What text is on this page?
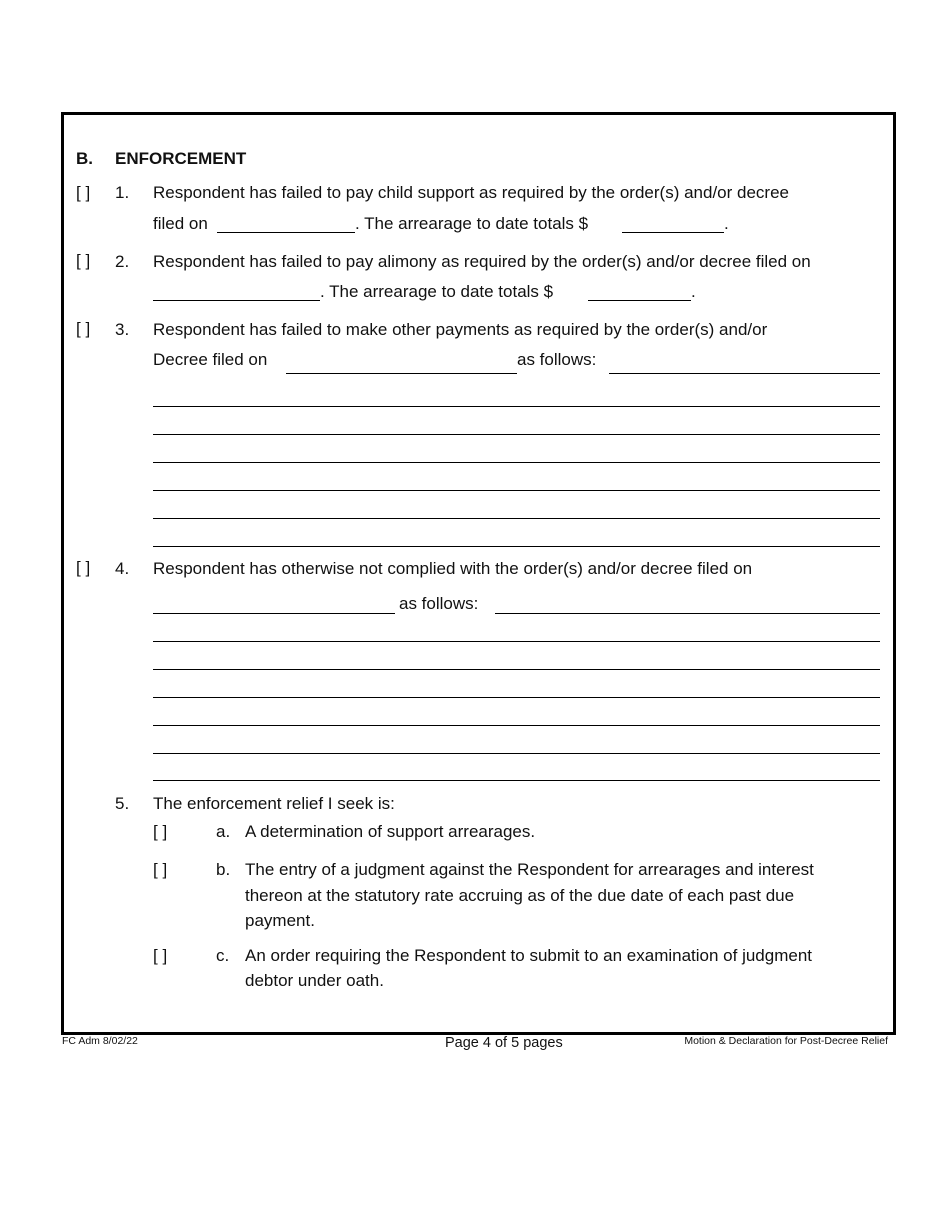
B. ENFORCEMENT
[ ] 1. Respondent has failed to pay child support as required by the order(s) and/or decree
filed on	. The arrearage to date totals $	.
[ ] 2. Respondent has failed to pay alimony as required by the order(s) and/or decree filed on
. The arrearage to date totals $	.
[ ] 3. Respondent has failed to make other payments as required by the order(s) and/or
Decree filed on	as follows:
[ ] 4. Respondent has otherwise not complied with the order(s) and/or decree filed on
as follows:
5. The enforcement relief I seek is:
[ ]	a. A determination of support arrearages.
[ ]	b. The entry of a judgment against the Respondent for arrearages and interest
thereon at the statutory rate accruing as of the due date of each past due
payment.
[ ]	c. An order requiring the Respondent to submit to an examination of judgment
debtor under oath.
FC Adm 8/02/22	Page 4 of 5 pages	Motion & Declaration for Post-Decree Relief
